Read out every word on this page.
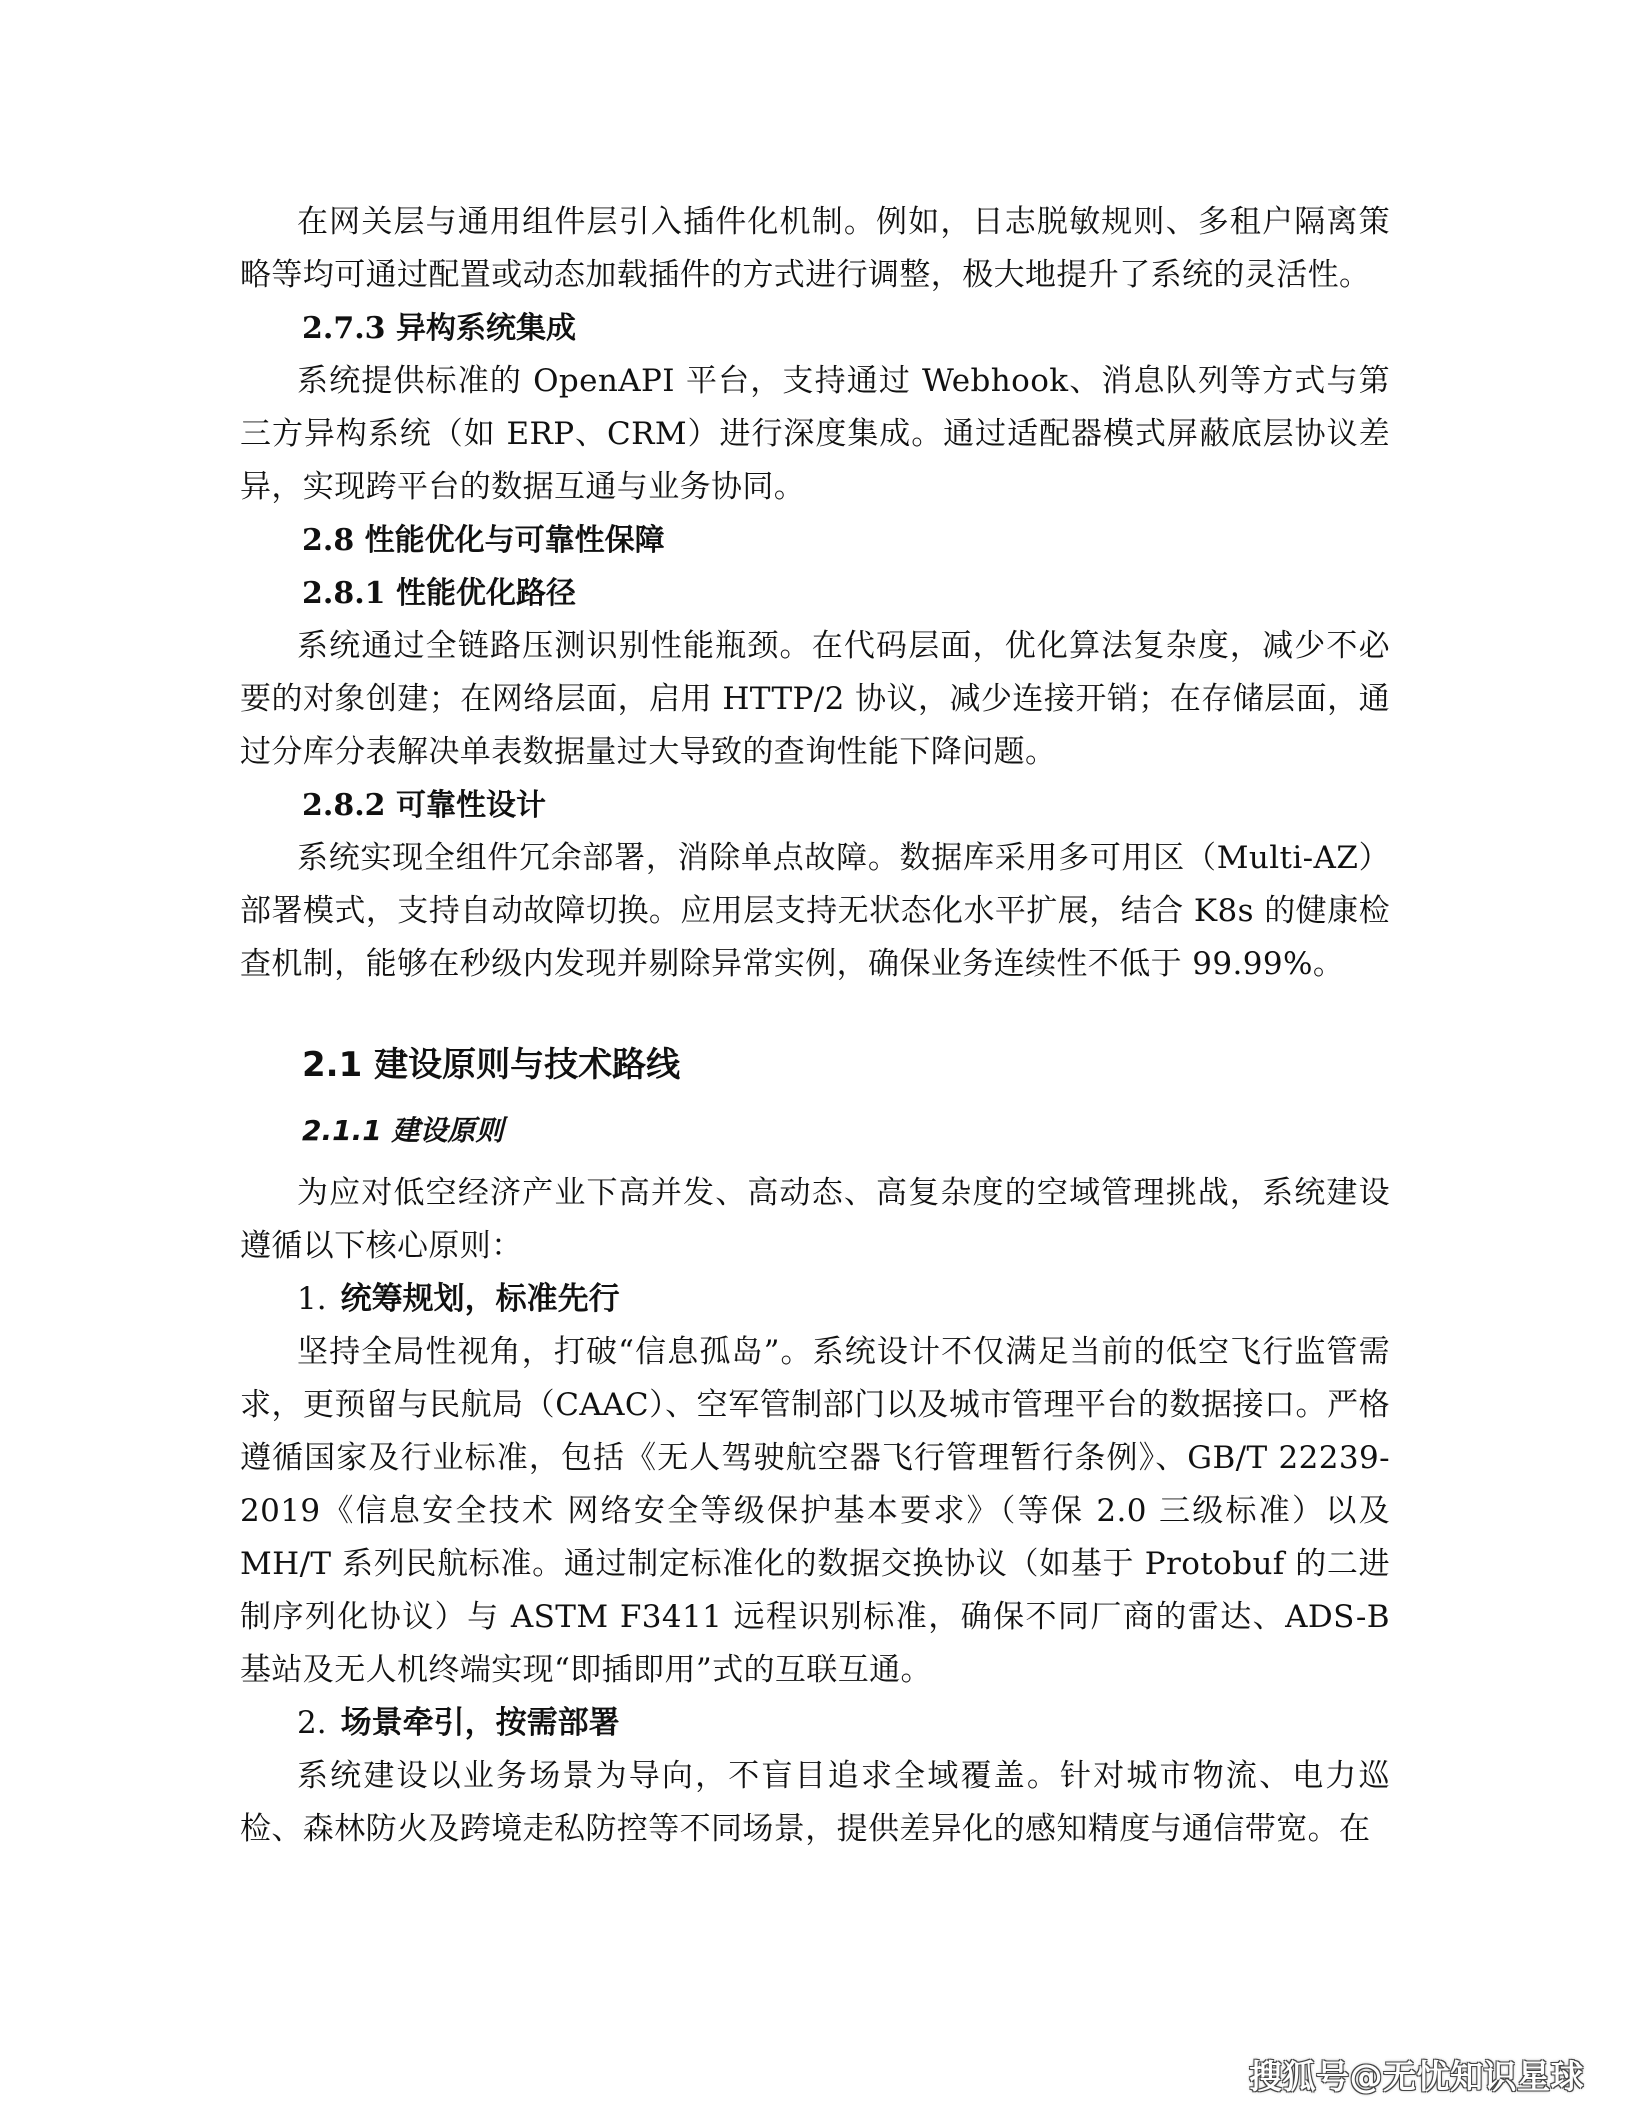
在网关层与通用组件层引入插件化机制。例如，日志脱敏规则、多租户隔离策略等均可通过配置或动态加载插件的方式进行调整，极大地提升了系统的灵活性。

2.7.3 异构系统集成

系统提供标准的 OpenAPI 平台，支持通过 Webhook、消息队列等方式与第三方异构系统（如 ERP、CRM）进行深度集成。通过适配器模式屏蔽底层协议差异，实现跨平台的数据互通与业务协同。

2.8 性能优化与可靠性保障
2.8.1 性能优化路径

系统通过全链路压测识别性能瓶颈。在代码层面，优化算法复杂度，减少不必要的对象创建；在网络层面，启用 HTTP/2 协议，减少连接开销；在存储层面，通过分库分表解决单表数据量过大导致的查询性能下降问题。

2.8.2 可靠性设计

系统实现全组件冗余部署，消除单点故障。数据库采用多可用区（Multi-AZ）部署模式，支持自动故障切换。应用层支持无状态化水平扩展，结合 K8s 的健康检查机制，能够在秒级内发现并剔除异常实例，确保业务连续性不低于 99.99%。

2.1 建设原则与技术路线
2.1.1 建设原则

为应对低空经济产业下高并发、高动态、高复杂度的空域管理挑战，系统建设遵循以下核心原则：

1. 统筹规划，标准先行

坚持全局性视角，打破“信息孤岛”。系统设计不仅满足当前的低空飞行监管需求，更预留与民航局（CAAC）、空军管制部门以及城市管理平台的数据接口。严格遵循国家及行业标准，包括《无人驾驶航空器飞行管理暂行条例》、GB/T 22239-2019《信息安全技术 网络安全等级保护基本要求》（等保 2.0 三级标准）以及 MH/T 系列民航标准。通过制定标准化的数据交换协议（如基于 Protobuf 的二进制序列化协议）与 ASTM F3411 远程识别标准，确保不同厂商的雷达、ADS-B 基站及无人机终端实现“即插即用”式的互联互通。

2. 场景牵引，按需部署

系统建设以业务场景为导向，不盲目追求全域覆盖。针对城市物流、电力巡检、森林防火及跨境走私防控等不同场景，提供差异化的感知精度与通信带宽。在

搜狐号@无忧知识星球
